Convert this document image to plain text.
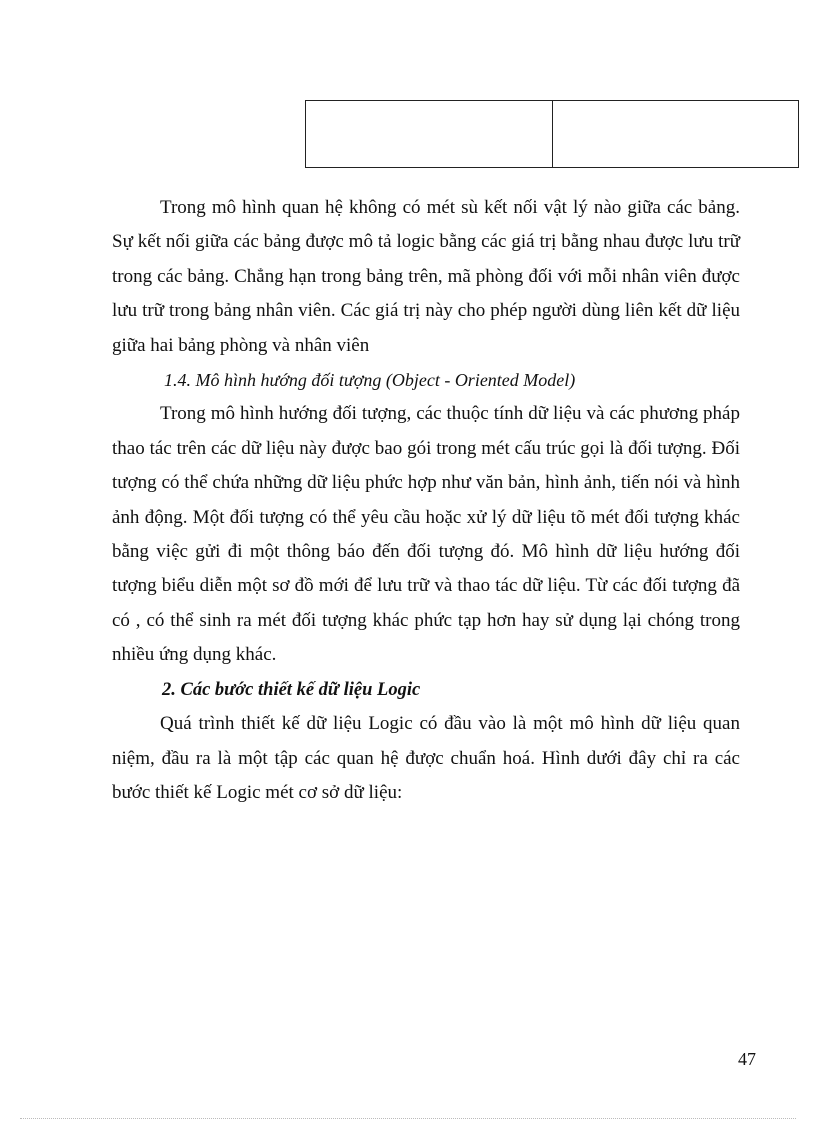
Trong mô hình quan hệ không có mét sù kết nối vật lý nào giữa các bảng. Sự kết nối giữa các bảng được mô tả logic bằng các giá trị bằng nhau được lưu trữ trong các bảng. Chẳng hạn trong bảng trên, mã phòng đối với mỗi nhân viên được lưu trữ trong bảng nhân viên. Các giá trị này cho phép người dùng liên kết dữ liệu giữa hai bảng phòng và nhân viên

1.4. Mô hình hướng đối tượng (Object - Oriented Model)

Trong mô hình hướng đối tượng, các thuộc tính dữ liệu và các phương pháp thao tác trên các dữ liệu này được bao gói trong mét cấu trúc gọi là đối tượng. Đối tượng có thể chứa những dữ liệu phức hợp như văn bản, hình ảnh, tiến nói và hình ảnh động. Một đối tượng có thể yêu cầu hoặc xử lý dữ liệu tõ mét đối tượng khác bằng việc gửi đi một thông báo đến đối tượng đó. Mô hình dữ liệu hướng đối tượng biểu diễn một sơ đồ mới để lưu trữ và thao tác dữ liệu. Từ các đối tượng đã có , có thể sinh ra mét đối tượng khác phức tạp hơn hay sử dụng lại chóng trong nhiều ứng dụng khác.

2. Các bước thiết kế dữ liệu Logic

Quá trình thiết kế dữ liệu Logic có đầu vào là một mô hình dữ liệu quan niệm, đầu ra là một tập các quan hệ được chuẩn hoá. Hình dưới đây chỉ ra các bước thiết kế Logic mét cơ sở dữ liệu:

47
